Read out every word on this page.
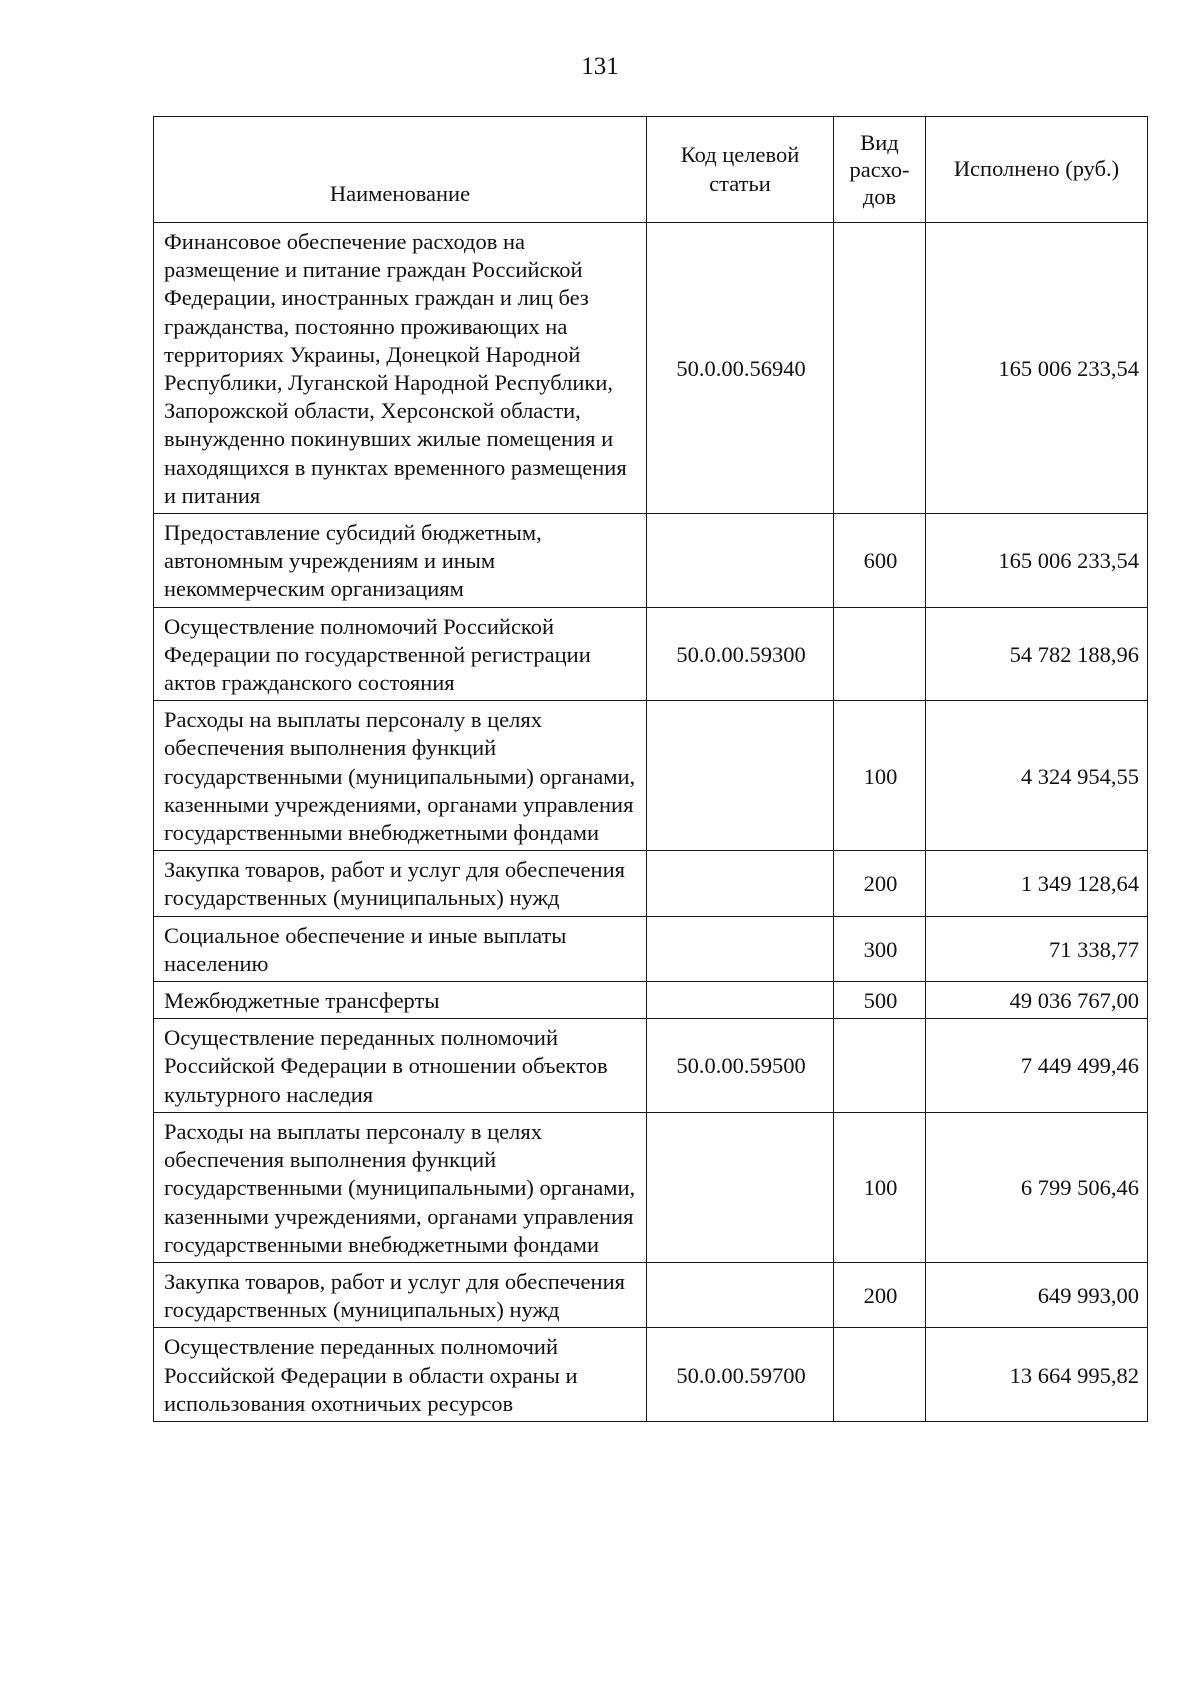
131
Наименование	Код целевой статьи	Вид расхо- дов	Исполнено (руб.)
Финансовое обеспечение расходов на размещение и питание граждан Российской Федерации, иностранных граждан и лиц без гражданства, постоянно проживающих на территориях Украины, Донецкой Народной Республики, Луганской Народной Республики, Запорожской области, Херсонской области, вынужденно покинувших жилые помещения и находящихся в пунктах временного размещения и питания	50.0.00.56940		165 006 233,54
Предоставление субсидий бюджетным, автономным учреждениям и иным некоммерческим организациям		600	165 006 233,54
Осуществление полномочий Российской Федерации по государственной регистрации актов гражданского состояния	50.0.00.59300		54 782 188,96
Расходы на выплаты персоналу в целях обеспечения выполнения функций государственными (муниципальными) органами, казенными учреждениями, органами управления государственными внебюджетными фондами		100	4 324 954,55
Закупка товаров, работ и услуг для обеспечения государственных (муниципальных) нужд		200	1 349 128,64
Социальное обеспечение и иные выплаты населению		300	71 338,77
Межбюджетные трансферты		500	49 036 767,00
Осуществление переданных полномочий Российской Федерации в отношении объектов культурного наследия	50.0.00.59500		7 449 499,46
Расходы на выплаты персоналу в целях обеспечения выполнения функций государственными (муниципальными) органами, казенными учреждениями, органами управления государственными внебюджетными фондами		100	6 799 506,46
Закупка товаров, работ и услуг для обеспечения государственных (муниципальных) нужд		200	649 993,00
Осуществление переданных полномочий Российской Федерации в области охраны и использования охотничьих ресурсов	50.0.00.59700		13 664 995,82
